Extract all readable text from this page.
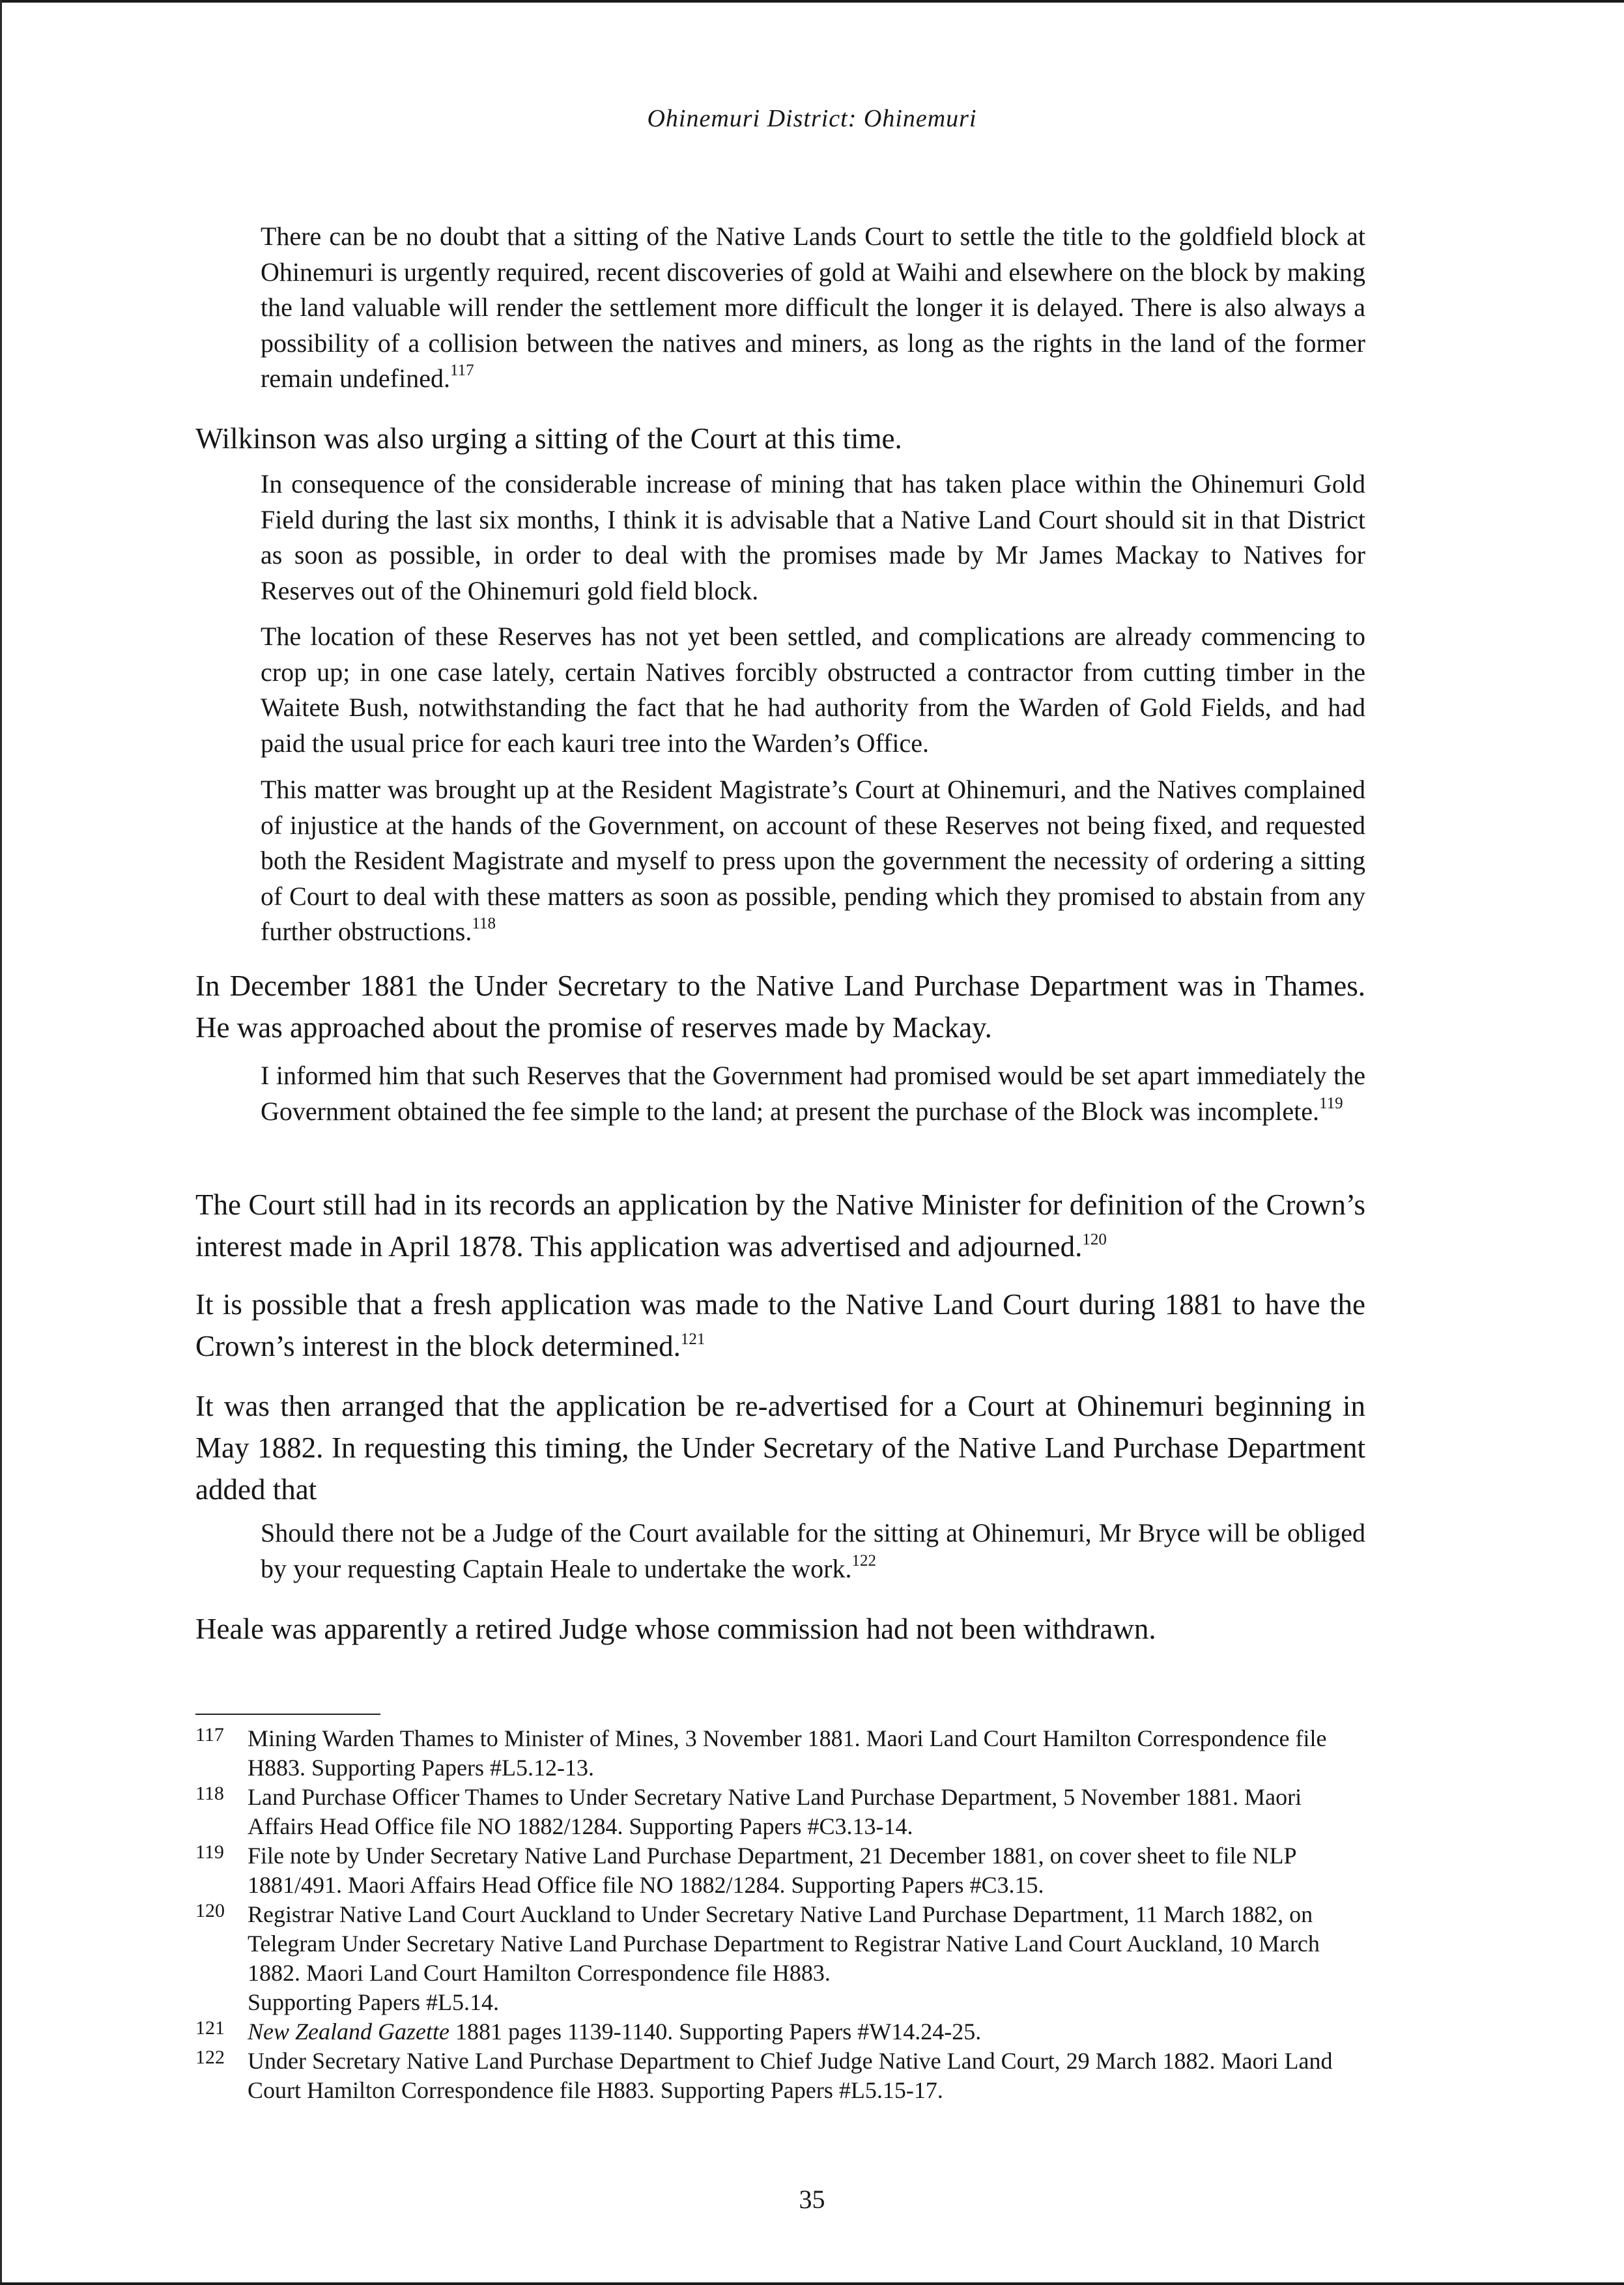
Ohinemuri District: Ohinemuri
There can be no doubt that a sitting of the Native Lands Court to settle the title to the goldfield block at Ohinemuri is urgently required, recent discoveries of gold at Waihi and elsewhere on the block by making the land valuable will render the settlement more difficult the longer it is delayed. There is also always a possibility of a collision between the natives and miners, as long as the rights in the land of the former remain undefined.$^{117}$
Wilkinson was also urging a sitting of the Court at this time.
In consequence of the considerable increase of mining that has taken place within the Ohinemuri Gold Field during the last six months, I think it is advisable that a Native Land Court should sit in that District as soon as possible, in order to deal with the promises made by Mr James Mackay to Natives for Reserves out of the Ohinemuri gold field block.
The location of these Reserves has not yet been settled, and complications are already commencing to crop up; in one case lately, certain Natives forcibly obstructed a contractor from cutting timber in the Waitete Bush, notwithstanding the fact that he had authority from the Warden of Gold Fields, and had paid the usual price for each kauri tree into the Warden’s Office.
This matter was brought up at the Resident Magistrate’s Court at Ohinemuri, and the Natives complained of injustice at the hands of the Government, on account of these Reserves not being fixed, and requested both the Resident Magistrate and myself to press upon the government the necessity of ordering a sitting of Court to deal with these matters as soon as possible, pending which they promised to abstain from any further obstructions.$^{118}$
In December 1881 the Under Secretary to the Native Land Purchase Department was in Thames. He was approached about the promise of reserves made by Mackay.
I informed him that such Reserves that the Government had promised would be set apart immediately the Government obtained the fee simple to the land; at present the purchase of the Block was incomplete.$^{119}$
The Court still had in its records an application by the Native Minister for definition of the Crown’s interest made in April 1878. This application was advertised and adjourned.$^{120}$
It is possible that a fresh application was made to the Native Land Court during 1881 to have the Crown’s interest in the block determined.$^{121}$
It was then arranged that the application be re-advertised for a Court at Ohinemuri beginning in May 1882. In requesting this timing, the Under Secretary of the Native Land Purchase Department added that
Should there not be a Judge of the Court available for the sitting at Ohinemuri, Mr Bryce will be obliged by your requesting Captain Heale to undertake the work.$^{122}$
Heale was apparently a retired Judge whose commission had not been withdrawn.
117 Mining Warden Thames to Minister of Mines, 3 November 1881. Maori Land Court Hamilton Correspondence file H883. Supporting Papers #L5.12-13.
118 Land Purchase Officer Thames to Under Secretary Native Land Purchase Department, 5 November 1881. Maori Affairs Head Office file NO 1882/1284. Supporting Papers #C3.13-14.
119 File note by Under Secretary Native Land Purchase Department, 21 December 1881, on cover sheet to file NLP 1881/491. Maori Affairs Head Office file NO 1882/1284. Supporting Papers #C3.15.
120 Registrar Native Land Court Auckland to Under Secretary Native Land Purchase Department, 11 March 1882, on Telegram Under Secretary Native Land Purchase Department to Registrar Native Land Court Auckland, 10 March 1882. Maori Land Court Hamilton Correspondence file H883.
Supporting Papers #L5.14.
121 New Zealand Gazette 1881 pages 1139-1140. Supporting Papers #W14.24-25.
122 Under Secretary Native Land Purchase Department to Chief Judge Native Land Court, 29 March 1882. Maori Land Court Hamilton Correspondence file H883. Supporting Papers #L5.15-17.
35
